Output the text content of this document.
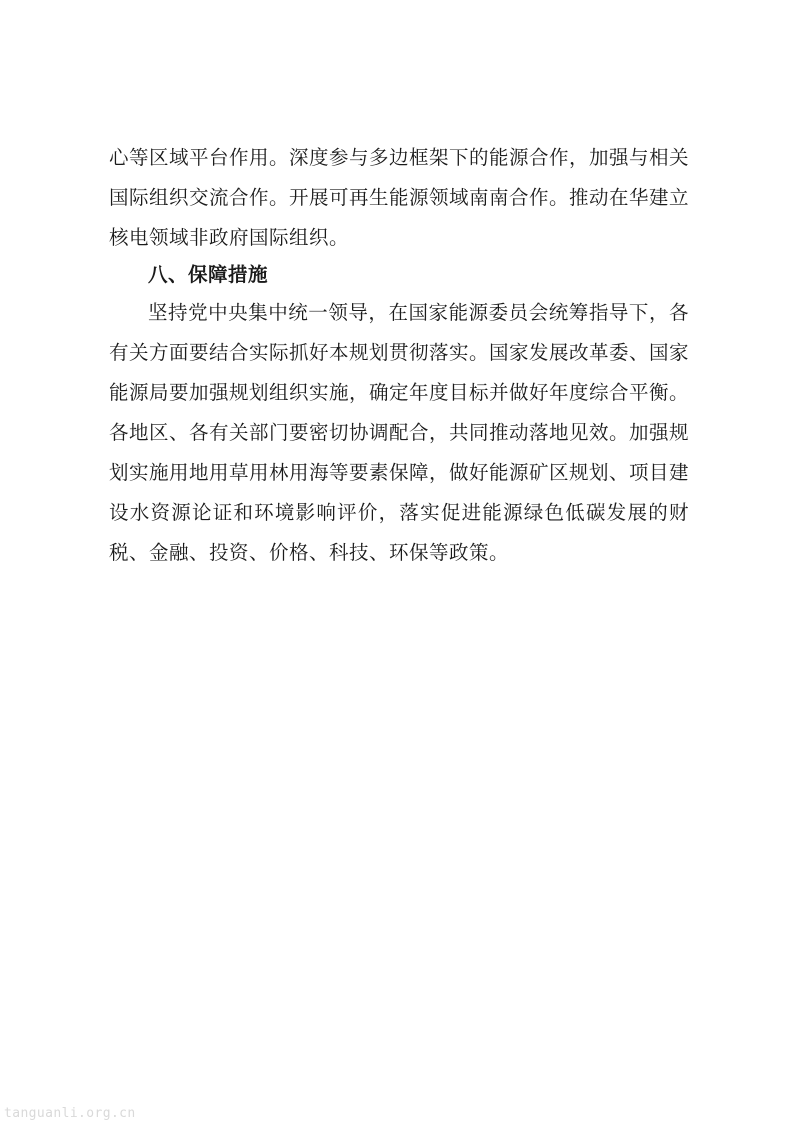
心等区域平台作用。深度参与多边框架下的能源合作，加强与相关
国际组织交流合作。开展可再生能源领域南南合作。推动在华建立
核电领域非政府国际组织。
八、保障措施
坚持党中央集中统一领导，在国家能源委员会统筹指导下，各
有关方面要结合实际抓好本规划贯彻落实。国家发展改革委、国家
能源局要加强规划组织实施，确定年度目标并做好年度综合平衡。
各地区、各有关部门要密切协调配合，共同推动落地见效。加强规
划实施用地用草用林用海等要素保障，做好能源矿区规划、项目建
设水资源论证和环境影响评价，落实促进能源绿色低碳发展的财
税、金融、投资、价格、科技、环保等政策。
tanguanli.org.cn
